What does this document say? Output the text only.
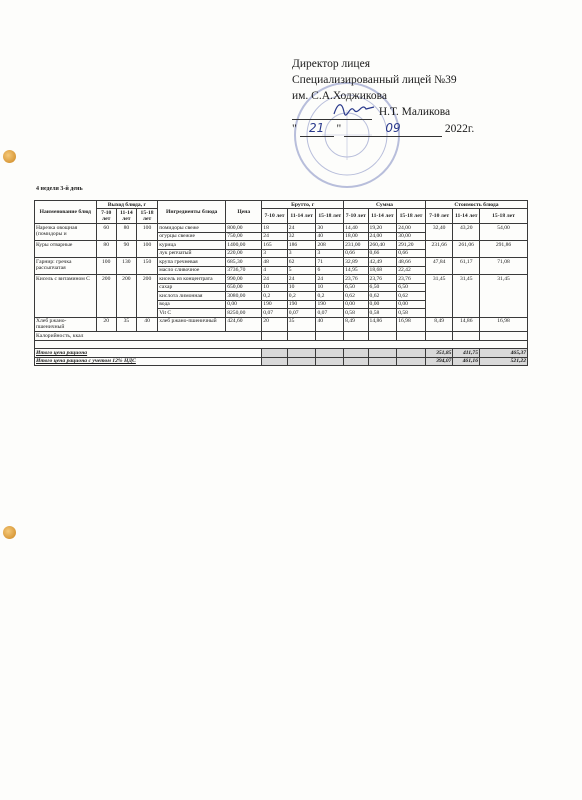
Директор лицея
Специализированный лицей №39
им. С.А.Ходжикова

Н.Т. Маликова
" 21 "	09	2022г.
4 неделя 3-й день
Наименование блюд	Выход блюда, г			Ингредиенты блюда	Цена	Брутто, г			Сумма			Стоимость блюда		
	7-10 лет	11-14 лет	15-18 лет			7-10 лет	11-14 лет	15-18 лет	7-10 лет	11-14 лет	15-18 лет	7-10 лет	11-14 лет	15-18 лет
Нарезка овощная (помидоры и	60	80	100	помидоры свеже	800,00	18	24	30	14,40	19,20	24,00	32,40	43,20	54,00
				огурцы свежие	750,00	24	32	40	18,00	24,00	30,00			
Куры отварные	80	90	100	курица	1400,00	165	186	208	231,00	260,40	291,20	231,66	261,06	291,86
				лук репчатый	220,00	3	3	3	0,66	0,66	0,66			
Гарнир: гречка рассыпчатая	100	130	150	крупа гречневая	685,30	48	62	71	32,89	42,49	48,66	47,84	61,17	71,08
				масло сливочное	3736,70	4	5	6	14,95	18,68	22,42			
Кисель с витамином С	200	200	200	кисель из концентрата	990,00	24	24	24	23,76	23,76	23,76	31,45	31,45	31,45
				сахар	650,00	10	10	10	6,50	6,50	6,50			
				кислота лимонная	3080,00	0,2	0,2	0,2	0,62	0,62	0,62			
				вода	0,00	190	190	190	0,00	0,00	0,00			
				Vit C	8250,00	0,07	0,07	0,07	0,58	0,58	0,58			
Хлеб ржано-пшеничный	20	35	40	хлеб ржано-пшеничный	424,60	20	35	40	8,49	14,86	16,98	8,49	14,86	16,98
Калорийность, ккал														

Итого цена рациона												351,85	411,75	465,37
Итого цена рациона с учетом 12% НДС												394,07	461,16	521,22
